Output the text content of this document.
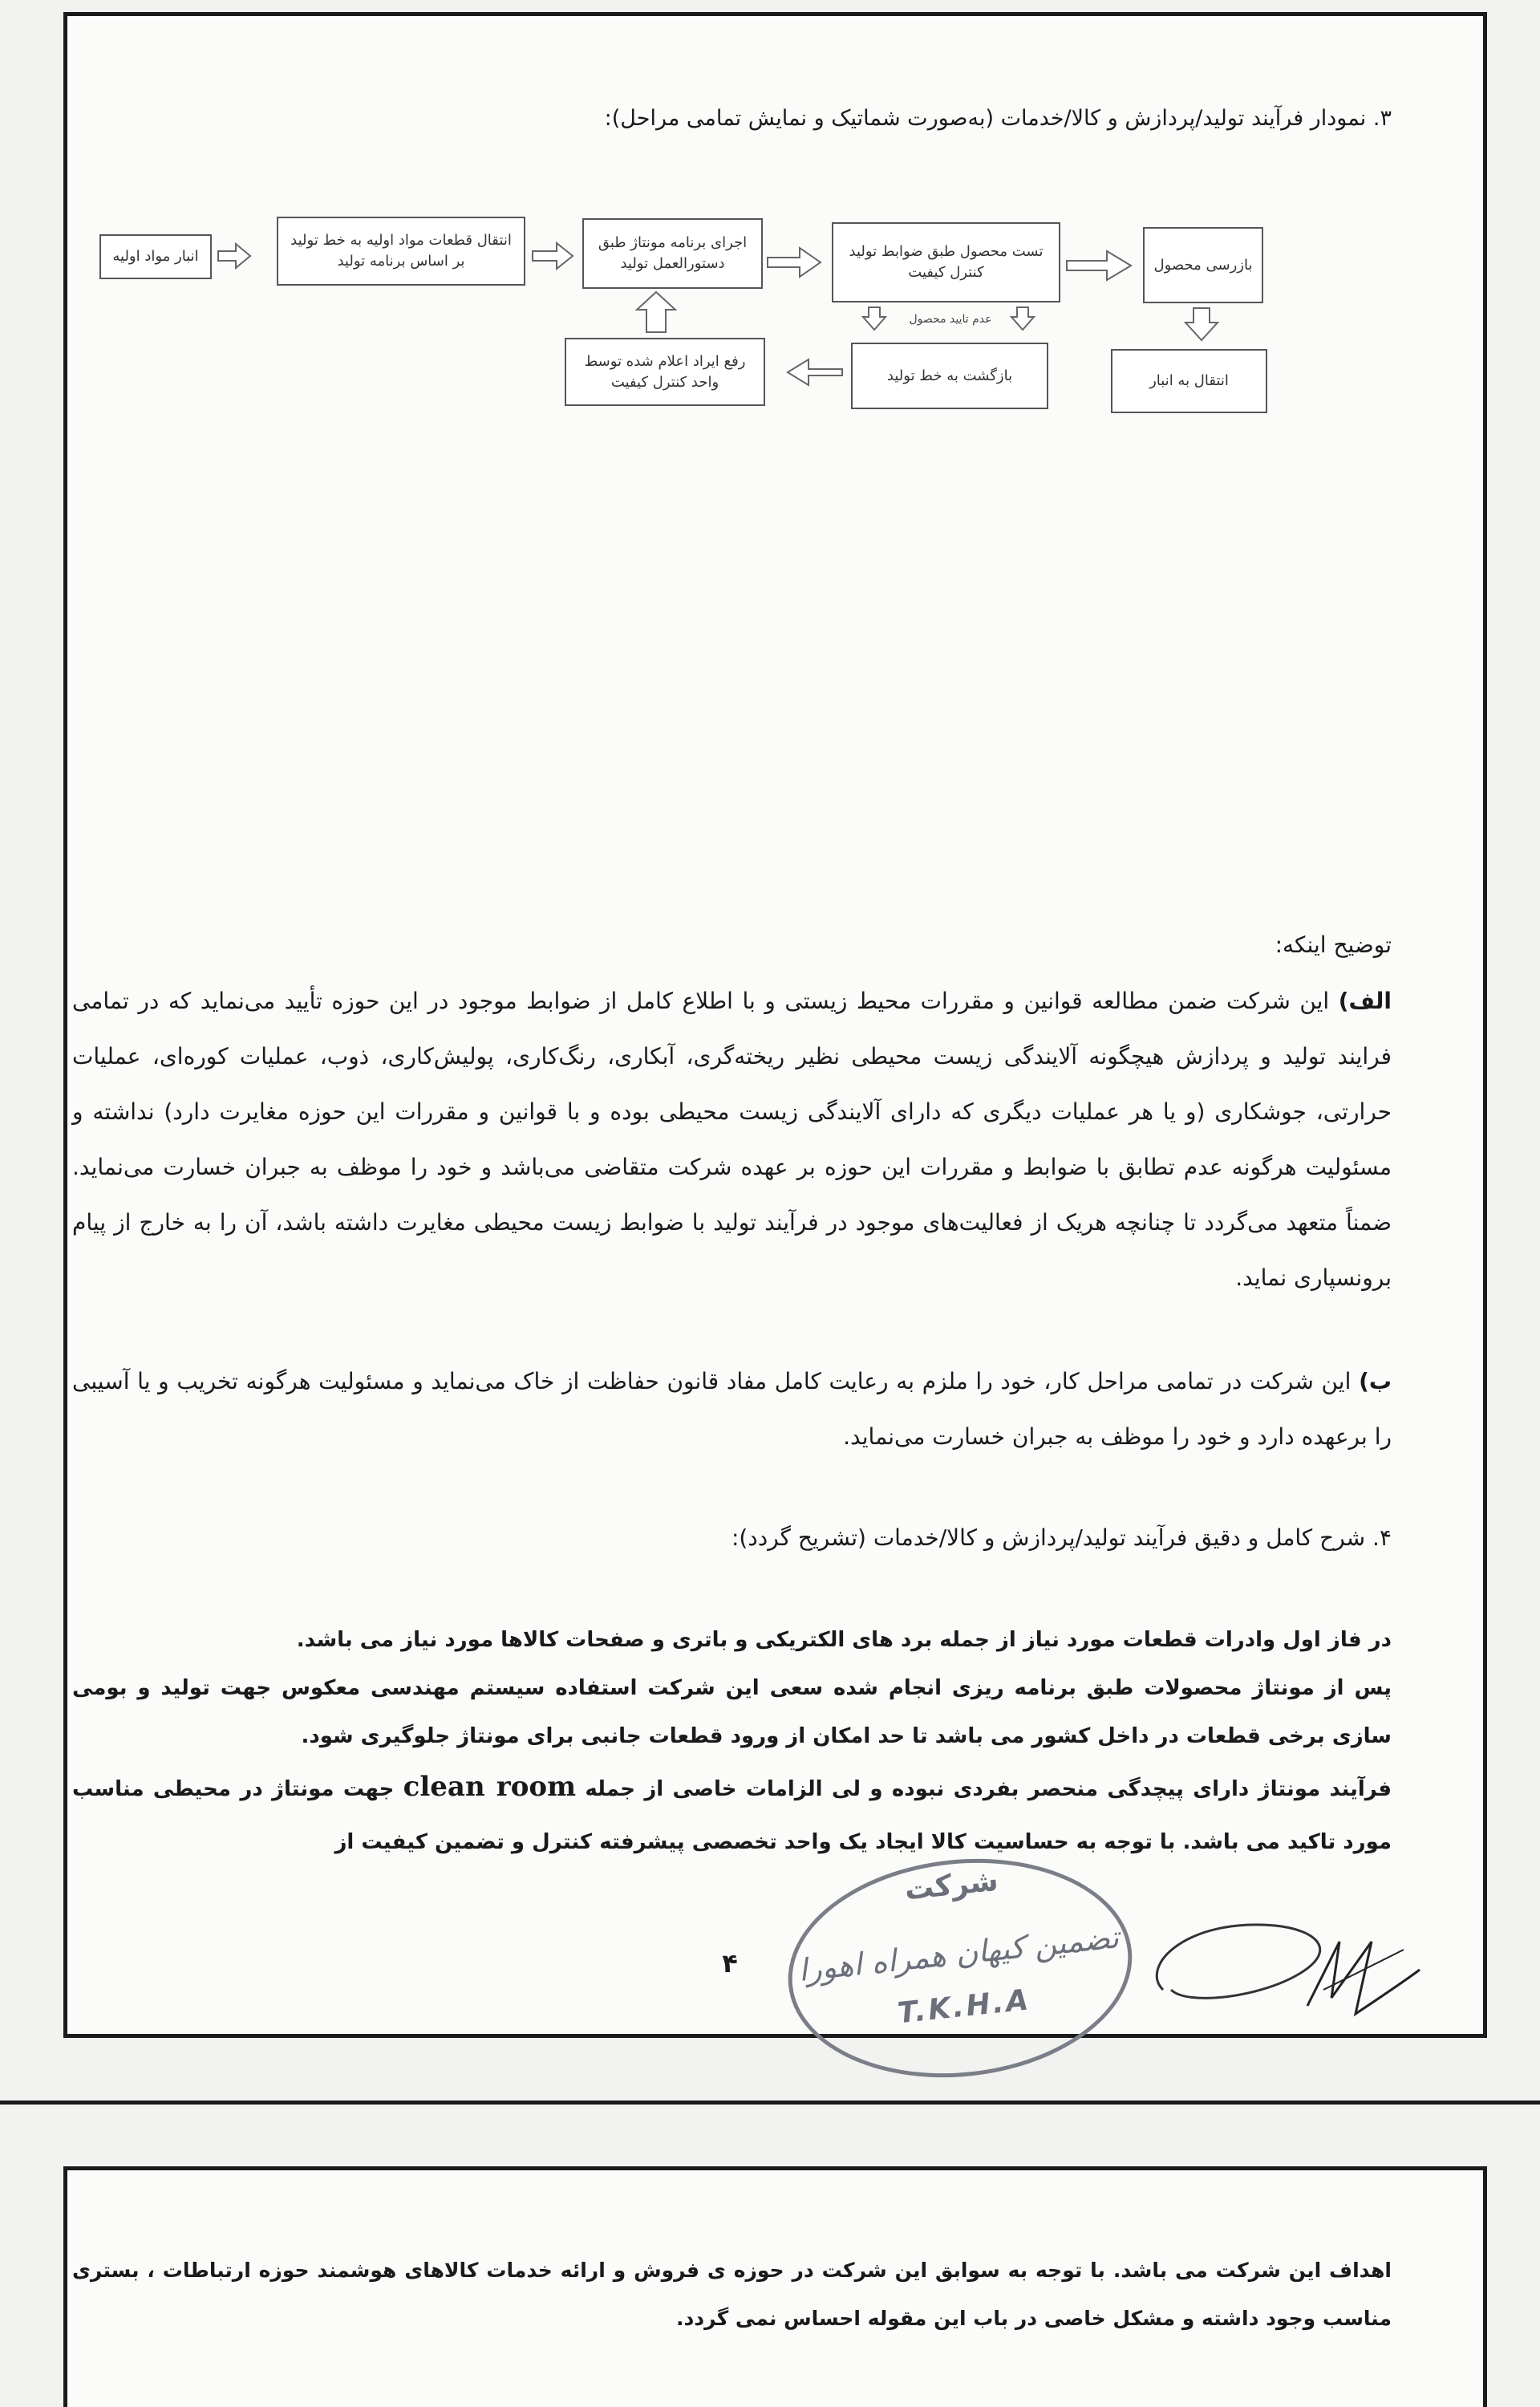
۳. نمودار فرآیند تولید/پردازش و کالا/خدمات (به‌صورت شماتیک و نمایش تمامی مراحل):
انبار مواد اولیه
انتقال قطعات مواد اولیه به خط تولید بر اساس برنامه تولید
اجرای برنامه مونتاژ طبق دستورالعمل تولید
تست محصول طبق ضوابط تولید کنترل کیفیت	بازرسی محصول
انتقال به انبار
بازگشت به خط تولید
رفع ایراد اعلام شده توسط واحد کنترل کیفیت
عدم تایید محصول
توضیح اینکه:
الف) این شرکت ضمن مطالعه قوانین و مقررات محیط زیستی و با اطلاع کامل از ضوابط موجود در این حوزه تأیید می‌نماید که در تمامی فرایند تولید و پردازش هیچگونه آلایندگی زیست محیطی نظیر ریخته‌گری، آبکاری، رنگ‌کاری، پولیش‌کاری، ذوب، عملیات کوره‌ای، عملیات حرارتی، جوشکاری (و یا هر عملیات دیگری که دارای آلایندگی زیست محیطی بوده و با قوانین و مقررات این حوزه مغایرت دارد) نداشته و مسئولیت هرگونه عدم تطابق با ضوابط و مقررات این حوزه بر عهده شرکت متقاضی می‌باشد و خود را موظف به جبران خسارت می‌نماید. ضمناً متعهد می‌گردد تا چنانچه هریک از فعالیت‌های موجود در فرآیند تولید با ضوابط زیست محیطی مغایرت داشته باشد، آن را به خارج از پیام برونسپاری نماید.
ب) این شرکت در تمامی مراحل کار، خود را ملزم به رعایت کامل مفاد قانون حفاظت از خاک می‌نماید و مسئولیت هرگونه تخریب و یا آسیبی را برعهده دارد و خود را موظف به جبران خسارت می‌نماید.
۴. شرح کامل و دقیق فرآیند تولید/پردازش و کالا/خدمات (تشریح گردد):
در فاز اول وادرات قطعات مورد نیاز از جمله برد های الکتریکی و باتری و صفحات کالاها مورد نیاز می باشد.
پس از مونتاژ محصولات طبق برنامه ریزی انجام شده سعی این شرکت استفاده سیستم مهندسی معکوس جهت تولید و بومی سازی برخی قطعات در داخل کشور می باشد تا حد امکان از ورود قطعات جانبی برای مونتاژ جلوگیری شود.
فرآیند مونتاژ دارای پیچدگی منحصر بفردی نبوده و لی الزامات خاصی از جمله clean room جهت مونتاژ در محیطی مناسب مورد تاکید می باشد. با توجه به حساسیت کالا ایجاد یک واحد تخصصی پیشرفته کنترل و تضمین کیفیت از
۴
شرکت
تضمین کیهان همراه اهورا
T.K.H.A
اهداف این شرکت می باشد. با توجه به سوابق این شرکت در حوزه ی فروش و ارائه خدمات کالاهای هوشمند حوزه ارتباطات ، بستری مناسب وجود داشته و مشکل خاصی در باب این مقوله احساس نمی گردد.
